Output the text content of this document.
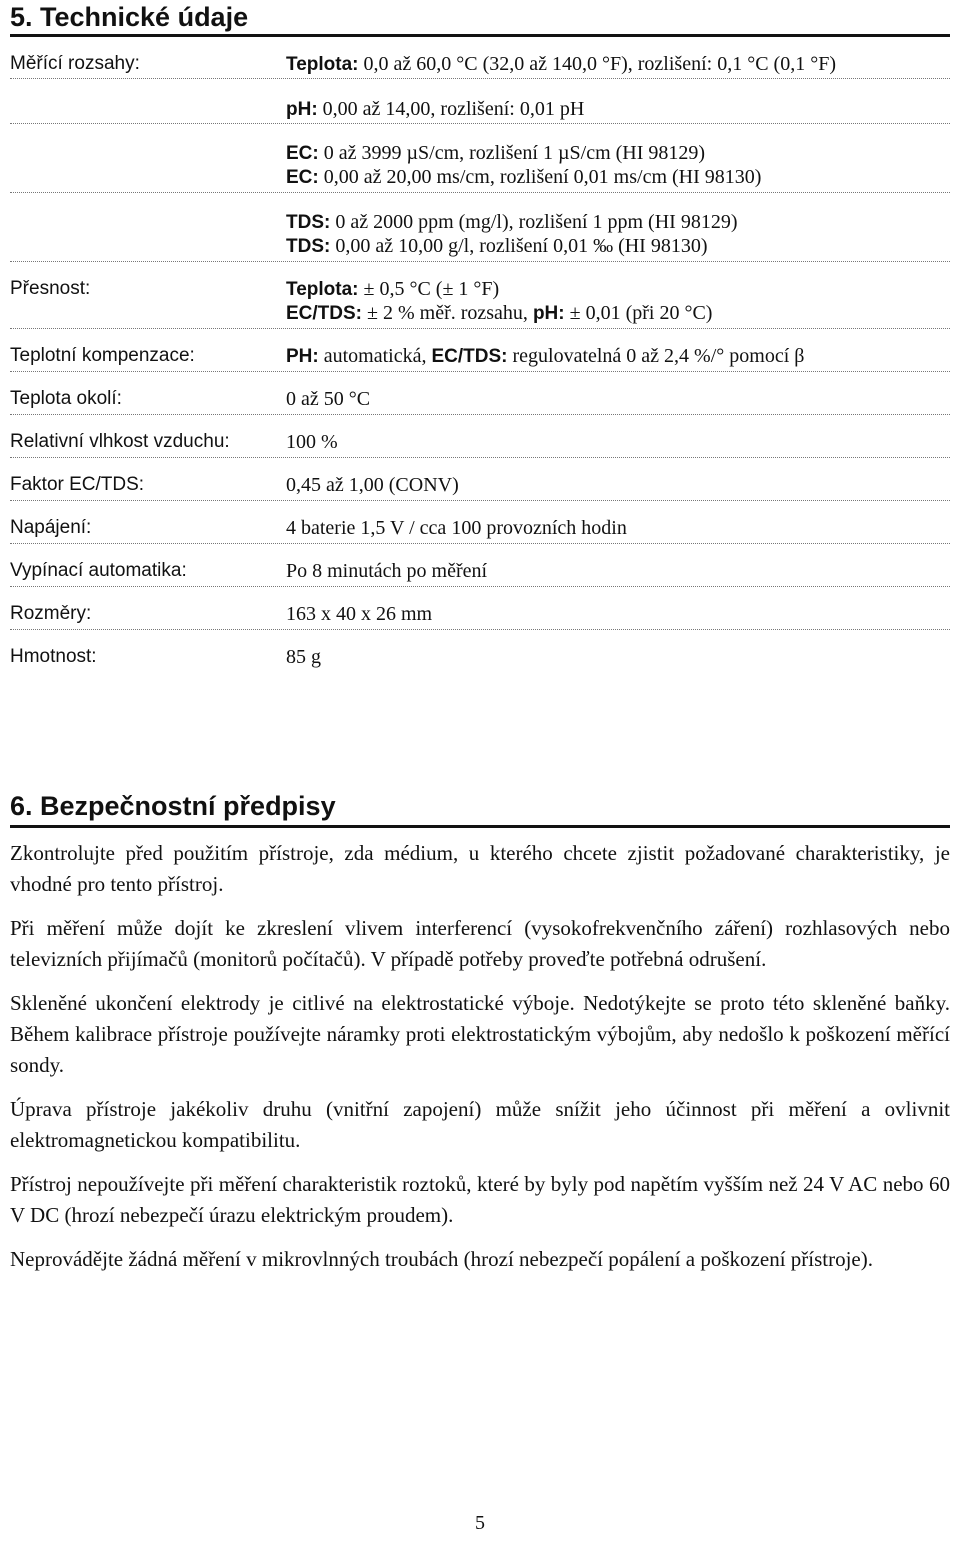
5. Technické údaje
Měřící rozsahy:	Teplota: 0,0 až 60,0 °C (32,0 až 140,0 °F), rozlišení: 0,1 °C (0,1 °F)
pH: 0,00 až 14,00, rozlišení: 0,01 pH
EC: 0 až 3999 µS/cm, rozlišení 1 µS/cm (HI 98129)
EC: 0,00 až 20,00 ms/cm, rozlišení 0,01 ms/cm (HI 98130)
TDS: 0 až 2000 ppm (mg/l), rozlišení 1 ppm (HI 98129)
TDS: 0,00 až 10,00 g/l, rozlišení 0,01 ‰ (HI 98130)
Přesnost:	Teplota: ± 0,5 °C (± 1 °F)
EC/TDS: ± 2 % měř. rozsahu, pH: ± 0,01 (při 20 °C)
Teplotní kompenzace:	PH: automatická, EC/TDS: regulovatelná 0 až 2,4 %/° pomocí β
Teplota okolí:	0 až 50 °C
Relativní vlhkost vzduchu:	100 %
Faktor EC/TDS:	0,45 až 1,00 (CONV)
Napájení:	4 baterie 1,5 V / cca 100 provozních hodin
Vypínací automatika:	Po 8 minutách po měření
Rozměry:	163 x 40 x 26 mm
Hmotnost:	85 g
6. Bezpečnostní předpisy

Zkontrolujte před použitím přístroje, zda médium, u kterého chcete zjistit požadované charakteristiky, je vhodné pro tento přístroj.

Při měření může dojít ke zkreslení vlivem interferencí (vysokofrekvenčního záření) rozhlasových nebo televizních přijímačů (monitorů počítačů). V případě potřeby proveďte potřebná odrušení.

Skleněné ukončení elektrody je citlivé na elektrostatické výboje. Nedotýkejte se proto této skleněné baňky. Během kalibrace přístroje používejte náramky proti elektrostatickým výbojům, aby nedošlo k poškození měřící sondy.

Úprava přístroje jakékoliv druhu (vnitřní zapojení) může snížit jeho účinnost při měření a ovlivnit elektromagnetickou kompatibilitu.

Přístroj nepoužívejte při měření charakteristik roztoků, které by byly pod napětím vyšším než 24 V AC nebo 60 V DC (hrozí nebezpečí úrazu elektrickým proudem).

Neprovádějte žádná měření v mikrovlnných troubách (hrozí nebezpečí popálení a poškození přístroje).

5
